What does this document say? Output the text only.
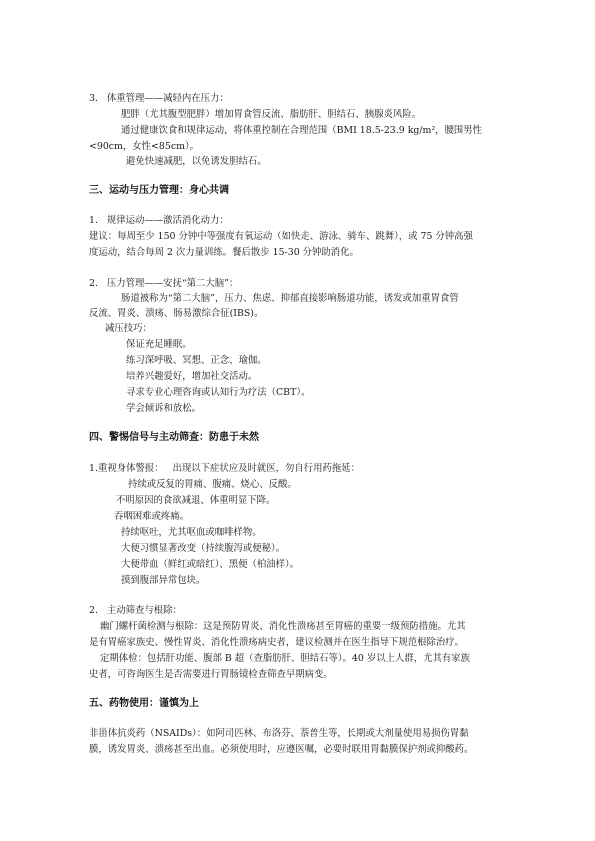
3.   体重管理——减轻内在压力：
肥胖（尤其腹型肥胖）增加胃食管反流、脂肪肝、胆结石、胰腺炎风险。
通过健康饮食和规律运动，将体重控制在合理范围（BMI 18.5-23.9 kg/m²，腰围男性
<90cm，女性<85cm）。
避免快速减肥，以免诱发胆结石。
三、运动与压力管理：身心共调
1.   规律运动——激活消化动力：
建议：每周至少 150 分钟中等强度有氧运动（如快走、游泳、骑车、跳舞），或 75 分钟高强
度运动，结合每周 2 次力量训练。餐后散步 15-30 分钟助消化。
2.   压力管理——安抚“第二大脑”：
肠道被称为“第二大脑”，压力、焦虑、抑郁直接影响肠道功能，诱发或加重胃食管
反流、胃炎、溃疡、肠易激综合征(IBS)。
减压技巧：
保证充足睡眠。
练习深呼吸、冥想、正念、瑜伽。
培养兴趣爱好，增加社交活动。
寻求专业心理咨询或认知行为疗法（CBT）。
学会倾诉和放松。
四、警惕信号与主动筛查：防患于未然
1.重视身体警报：   出现以下症状应及时就医，勿自行用药拖延：
持续或反复的胃痛、腹痛、烧心、反酸。
不明原因的食欲减退、体重明显下降。
吞咽困难或疼痛。
持续呕吐，尤其呕血或咖啡样物。
大便习惯显著改变（持续腹泻或便秘）。
大便带血（鲜红或暗红）、黑便（柏油样）。
摸到腹部异常包块。
2.   主动筛查与根除：
幽门螺杆菌检测与根除：这是预防胃炎、消化性溃疡甚至胃癌的重要一级预防措施。尤其
是有胃癌家族史、慢性胃炎、消化性溃疡病史者，建议检测并在医生指导下规范根除治疗。
定期体检：包括肝功能、腹部 B 超（查脂肪肝、胆结石等）。40 岁以上人群，尤其有家族
史者，可咨询医生是否需要进行胃肠镜检查筛查早期病变。
五、药物使用：谨慎为上
非甾体抗炎药（NSAIDs）：如阿司匹林、布洛芬、萘普生等，长期或大剂量使用易损伤胃黏
膜，诱发胃炎、溃疡甚至出血。必须使用时，应遵医嘱，必要时联用胃黏膜保护剂或抑酸药。
